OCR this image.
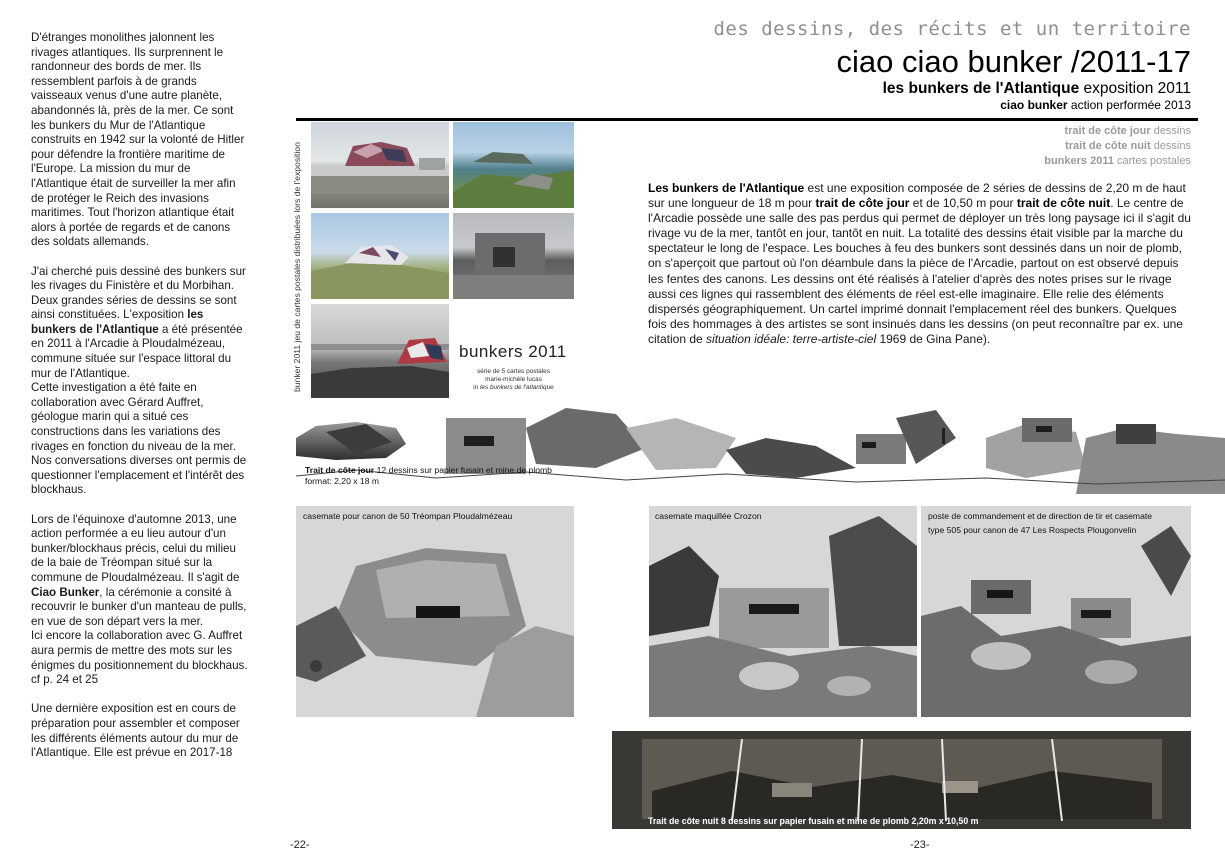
D'étranges monolithes jalonnent les rivages atlantiques. Ils surprennent le randonneur des bords de mer. Ils ressemblent parfois à de grands vaisseaux venus d'une autre planète, abandonnés là, près de la mer. Ce sont les bunkers du Mur de l'Atlantique construits en 1942 sur la volonté de Hitler pour défendre la frontière maritime de l'Europe. La mission du mur de l'Atlantique était de surveiller la mer afin de protéger le Reich des invasions maritimes. Tout l'horizon atlantique était alors à portée de regards et de canons des soldats allemands.

J'ai cherché puis dessiné des bunkers sur les rivages du Finistère et du Morbihan. Deux grandes séries de dessins se sont ainsi constituées. L'exposition les bunkers de l'Atlantique a été présentée en 2011 à l'Arcadie à Ploudalmézeau, commune située sur l'espace littoral du mur de l'Atlantique.
Cette investigation a été faite en collaboration avec Gérard Auffret, géologue marin qui a situé ces constructions dans les variations des rivages en fonction du niveau de la mer. Nos conversations diverses ont permis de questionner l'emplacement et l'intérêt des blockhaus.

Lors de l'équinoxe d'automne 2013, une action performée a eu lieu autour d'un bunker/blockhaus précis, celui du milieu de la baie de Tréompan situé sur la commune de Ploudalmézeau. Il s'agit de Ciao Bunker, la cérémonie a consité à recouvrir le bunker d'un manteau de pulls, en vue de son départ vers la mer.
Ici encore la collaboration avec G. Auffret aura permis de mettre des mots sur les énigmes du positionnement du blockhaus. cf p. 24 et 25

Une dernière exposition est en cours de préparation pour assembler et composer les différents éléments autour du mur de l'Atlantique. Elle est prévue en 2017-18

des dessins, des récits et un territoire
ciao ciao bunker /2011-17
les bunkers de l'Atlantique exposition 2011
ciao bunker action performée 2013
trait de côte jour dessins
trait de côte nuit dessins
bunkers 2011 cartes postales
Les bunkers de l'Atlantique est une exposition composée de 2 séries de dessins de 2,20 m de haut sur une longueur de 18 m pour trait de côte jour et de 10,50 m pour trait de côte nuit. Le centre de l'Arcadie possède une salle des pas perdus qui permet de déployer un très long paysage ici il s'agit du rivage vu de la mer, tantôt en jour, tantôt en nuit. La totalité des dessins était visible par la marche du spectateur le long de l'espace. Les bouches à feu des bunkers sont dessinés dans un noir de plomb, on s'aperçoit que partout où l'on déambule dans la pièce de l'Arcadie, partout on est observé depuis les fentes des canons. Les dessins ont été réalisés à l'atelier d'après des notes prises sur le rivage aussi ces lignes qui rassemblent des éléments de réel est-elle imaginaire. Elle relie des éléments dispersés géographiquement. Un cartel imprimé donnait l'emplacement réel des bunkers. Quelques fois des hommages à des artistes se sont insinués dans les dessins (on peut reconnaître par ex. une citation de situation idéale: terre-artiste-ciel 1969 de Gina Pane).
bunker 2011 jeu de cartes postales distribuées lors de l'exposition	bunkers 2011
série de 5 cartes postales
marie-michèle lucas
in les bunkers de l'atlantique
Trait de côte jour 12 dessins sur papier fusain et mine de plomb
format: 2,20 x 18 m
casemate pour canon de 50 Tréompan Ploudalmézeau	casemate maquillée Crozon	poste de commandement et de direction de tir et casemate
type 505 pour canon de 47 Les Rospects Plougonvelin
Trait de côte nuit 8 dessins sur papier fusain et mine de plomb 2,20m x 10,50 m
-22-	-23-
